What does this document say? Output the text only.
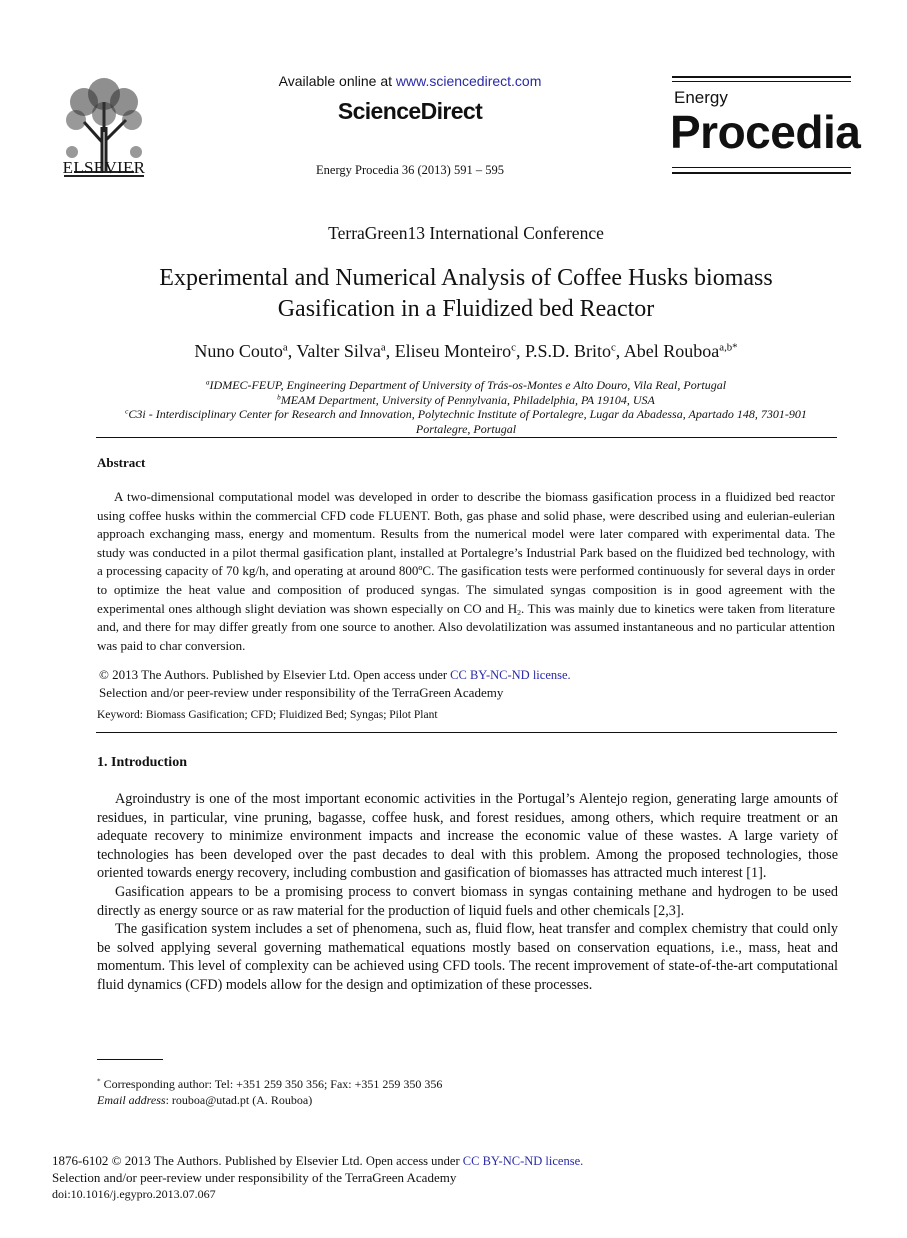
ELSEVIER
Available online at www.sciencedirect.com
ScienceDirect
Energy Procedia 36 (2013) 591 – 595
Energy
Procedia
TerraGreen13 International Conference
Experimental and Numerical Analysis of Coffee Husks biomass
Gasification in a Fluidized bed Reactor
Nuno Couto$^a$, Valter Silva$^a$, Eliseu Monteiro$^c$, P.S.D. Brito$^c$, Abel Rouboa$^{a,b*}$
$^a$IDMEC-FEUP, Engineering Department of University of Trás-os-Montes e Alto Douro, Vila Real, Portugal
$^b$MEAM Department, University of Pennylvania, Philadelphia, PA 19104, USA
$^c$C3i - Interdisciplinary Center for Research and Innovation, Polytechnic Institute of Portalegre, Lugar da Abadessa, Apartado 148, 7301-901
Portalegre, Portugal
Abstract
A two-dimensional computational model was developed in order to describe the biomass gasification process in a fluidized bed reactor using coffee husks within the commercial CFD code FLUENT. Both, gas phase and solid phase, were described using and eulerian-eulerian approach exchanging mass, energy and momentum. Results from the numerical model were later compared with experimental data. The study was conducted in a pilot thermal gasification plant, installed at Portalegre’s Industrial Park based on the fluidized bed technology, with a processing capacity of 70 kg/h, and operating at around 800ºC. The gasification tests were performed continuously for several days in order to optimize the heat value and composition of produced syngas. The simulated syngas composition is in good agreement with the experimental ones although slight deviation was shown especially on CO and $H_2$. This was mainly due to kinetics were taken from literature and, and there for may differ greatly from one source to another. Also devolatilization was assumed instantaneous and no particular attention was paid to char conversion.
© 2013 The Authors. Published by Elsevier Ltd. Open access under CC BY-NC-ND license.
Selection and/or peer-review under responsibility of the TerraGreen Academy
Keyword: Biomass Gasification; CFD; Fluidized Bed; Syngas; Pilot Plant
1. Introduction

Agroindustry is one of the most important economic activities in the Portugal’s Alentejo region, generating large amounts of residues, in particular, vine pruning, bagasse, coffee husk, and forest residues, among others, which require treatment or an adequate recovery to minimize environment impacts and increase the economic value of these wastes. A large variety of technologies has been developed over the past decades to deal with this problem. Among the proposed technologies, those oriented towards energy recovery, including combustion and gasification of biomasses has attracted much interest [1].

Gasification appears to be a promising process to convert biomass in syngas containing methane and hydrogen to be used directly as energy source or as raw material for the production of liquid fuels and other chemicals [2,3].

The gasification system includes a set of phenomena, such as, fluid flow, heat transfer and complex chemistry that could only be solved applying several governing mathematical equations mostly based on conservation equations, i.e., mass, heat and momentum. This level of complexity can be achieved using CFD tools. The recent improvement of state-of-the-art computational fluid dynamics (CFD) models allow for the design and optimization of these processes.

* Corresponding author: Tel: +351 259 350 356; Fax: +351 259 350 356
Email address: rouboa@utad.pt (A. Rouboa)
1876-6102 © 2013 The Authors. Published by Elsevier Ltd. Open access under CC BY-NC-ND license.
Selection and/or peer-review under responsibility of the TerraGreen Academy
doi:10.1016/j.egypro.2013.07.067
